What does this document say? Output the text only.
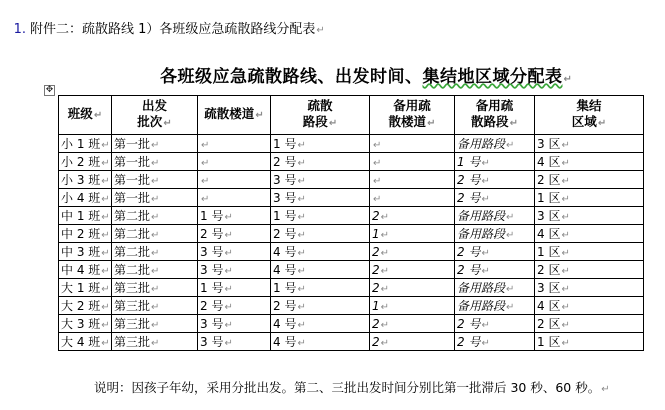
1. 附件二：疏散路线 1）各班级应急疏散路线分配表↵
各班级应急疏散路线、出发时间、集结地区域分配表↵
✥
班级↵	出发
批次↵	疏散楼道↵	疏散
路段↵	备用疏
散楼道↵	备用疏
散路段↵	集结
区域↵
小 1 班↵	第一批↵	↵	1 号↵	↵	备用路段↵	3 区↵
小 2 班↵	第一批↵	↵	2 号↵	↵	1 号↵	4 区↵
小 3 班↵	第一批↵	↵	3 号↵	↵	2 号↵	2 区↵
小 4 班↵	第一批↵	↵	3 号↵	↵	2 号↵	1 区↵
中 1 班↵	第二批↵	1 号↵	1 号↵	2↵	备用路段↵	3 区↵
中 2 班↵	第二批↵	2 号↵	2 号↵	1↵	备用路段↵	4 区↵
中 3 班↵	第二批↵	3 号↵	4 号↵	2↵	2 号↵	1 区↵
中 4 班↵	第二批↵	3 号↵	4 号↵	2↵	2 号↵	2 区↵
大 1 班↵	第三批↵	1 号↵	1 号↵	2↵	备用路段↵	3 区↵
大 2 班↵	第三批↵	2 号↵	2 号↵	1↵	备用路段↵	4 区↵
大 3 班↵	第三批↵	3 号↵	4 号↵	2↵	2 号↵	2 区↵
大 4 班↵	第三批↵	3 号↵	4 号↵	2↵	2 号↵	1 区↵
说明：因孩子年幼，采用分批出发。第二、三批出发时间分别比第一批滞后 30 秒、60 秒。↵
